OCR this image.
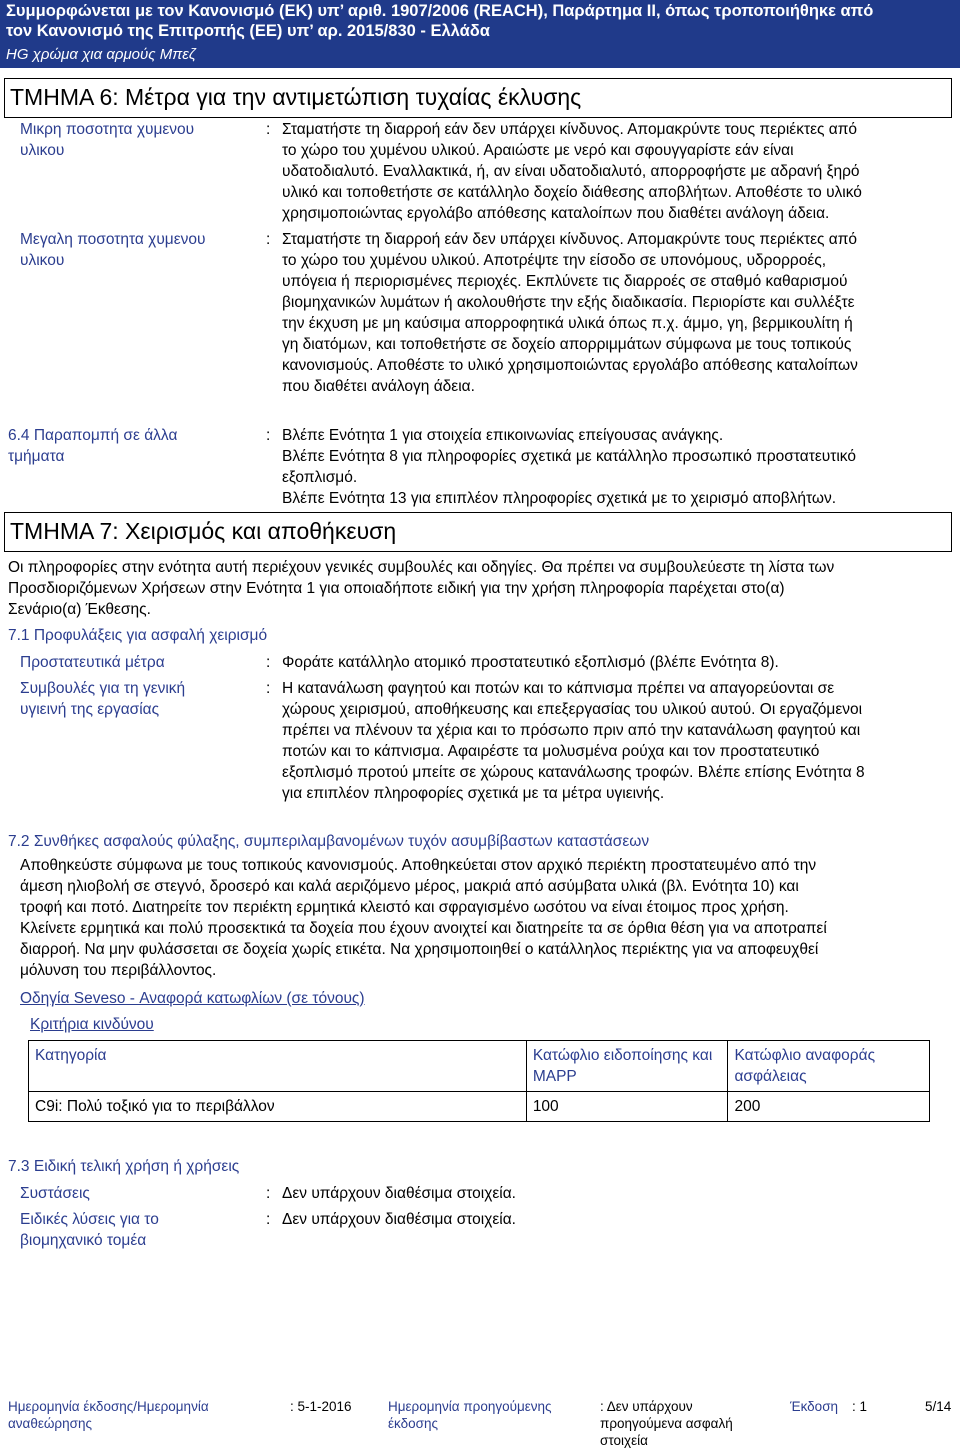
Συμμορφώνεται με τον Κανονισμό (ΕΚ) υπ’ αριθ. 1907/2006 (REACH), Παράρτημα II, όπως τροποποιήθηκε από
τον Κανονισμό της Επιτροπής (ΕΕ) υπ’ αρ. 2015/830 - Ελλάδα
HG χρώμα χια αρμούς Μπεζ
ΤΜΗΜΑ 6: Μέτρα για την αντιμετώπιση τυχαίας έκλυσης
Μικρη ποσοτητα χυμενου
υλικου
: Σταματήστε τη διαρροή εάν δεν υπάρχει κίνδυνος. Απομακρύντε τους περιέκτες από
το χώρο του χυμένου υλικού. Αραιώστε με νερό και σφουγγαρίστε εάν είναι
υδατοδιαλυτό. Εναλλακτικά, ή, αν είναι υδατοδιαλυτό, απορροφήστε με αδρανή ξηρό
υλικό και τοποθετήστε σε κατάλληλο δοχείο διάθεσης αποβλήτων. Αποθέστε το υλικό
χρησιμοποιώντας εργολάβο απόθεσης καταλοίπων που διαθέτει ανάλογη άδεια.
Μεγαλη ποσοτητα χυμενου
υλικου
: Σταματήστε τη διαρροή εάν δεν υπάρχει κίνδυνος. Απομακρύντε τους περιέκτες από
το χώρο του χυμένου υλικού. Αποτρέψτε την είσοδο σε υπονόμους, υδρορροές,
υπόγεια ή περιορισμένες περιοχές. Εκπλύνετε τις διαρροές σε σταθμό καθαρισμού
βιομηχανικών λυμάτων ή ακολουθήστε την εξής διαδικασία. Περιορίστε και συλλέξτε
την έκχυση με μη καύσιμα απορροφητικά υλικά όπως π.χ. άμμο, γη, βερμικουλίτη ή
γη διατόμων, και τοποθετήστε σε δοχείο απορριμμάτων σύμφωνα με τους τοπικούς
κανονισμούς. Αποθέστε το υλικό χρησιμοποιώντας εργολάβο απόθεσης καταλοίπων
που διαθέτει ανάλογη άδεια.
6.4 Παραπομπή σε άλλα
τμήματα
: Βλέπε Ενότητα 1 για στοιχεία επικοινωνίας επείγουσας ανάγκης.
Βλέπε Ενότητα 8 για πληροφορίες σχετικά με κατάλληλο προσωπικό προστατευτικό
εξοπλισμό.
Βλέπε Ενότητα 13 για επιπλέον πληροφορίες σχετικά με το χειρισμό αποβλήτων.
ΤΜΗΜΑ 7: Χειρισμός και αποθήκευση
Οι πληροφορίες στην ενότητα αυτή περιέχουν γενικές συμβουλές και οδηγίες. Θα πρέπει να συμβουλεύεστε τη λίστα των
Προσδιοριζόμενων Χρήσεων στην Ενότητα 1 για οποιαδήποτε ειδική για την χρήση πληροφορία παρέχεται στο(α)
Σενάριο(α) Έκθεσης.
7.1 Προφυλάξεις για ασφαλή χειρισμό
Προστατευτικά μέτρα	: Φοράτε κατάλληλο ατομικό προστατευτικό εξοπλισμό (βλέπε Ενότητα 8).
Συμβουλές για τη γενική
υγιεινή της εργασίας
: Η κατανάλωση φαγητού και ποτών και το κάπνισμα πρέπει να απαγορεύονται σε
χώρους χειρισμού, αποθήκευσης και επεξεργασίας του υλικού αυτού. Οι εργαζόμενοι
πρέπει να πλένουν τα χέρια και το πρόσωπο πριν από την κατανάλωση φαγητού και
ποτών και το κάπνισμα. Αφαιρέστε τα μολυσμένα ρούχα και τον προστατευτικό
εξοπλισμό προτού μπείτε σε χώρους κατανάλωσης τροφών. Βλέπε επίσης Ενότητα 8
για επιπλέον πληροφορίες σχετικά με τα μέτρα υγιεινής.
7.2 Συνθήκες ασφαλούς φύλαξης, συμπεριλαμβανομένων τυχόν ασυμβίβαστων καταστάσεων
Αποθηκεύστε σύμφωνα με τους τοπικούς κανονισμούς. Αποθηκεύεται στον αρχικό περιέκτη προστατευμένο από την
άμεση ηλιοβολή σε στεγνό, δροσερό και καλά αεριζόμενο μέρος, μακριά από ασύμβατα υλικά (βλ. Ενότητα 10) και
τροφή και ποτό. Διατηρείτε τον περιέκτη ερμητικά κλειστό και σφραγισμένο ωσότου να είναι έτοιμος προς χρήση.
Κλείνετε ερμητικά και πολύ προσεκτικά τα δοχεία που έχουν ανοιχτεί και διατηρείτε τα σε όρθια θέση για να αποτραπεί
διαρροή. Να μην φυλάσσεται σε δοχεία χωρίς ετικέτα. Να χρησιμοποιηθεί ο κατάλληλος περιέκτης για να αποφευχθεί
μόλυνση του περιβάλλοντος.
Οδηγία Seveso - Αναφορά κατωφλίων (σε τόνους)
Κριτήρια κινδύνου
Κατηγορία	Κατώφλιο ειδοποίησης και MAPP	Κατώφλιο αναφοράς ασφάλειας
C9i: Πολύ τοξικό για το περιβάλλον	100	200
7.3 Ειδική τελική χρήση ή χρήσεις
Συστάσεις	: Δεν υπάρχουν διαθέσιμα στοιχεία.
Ειδικές λύσεις για το
βιομηχανικό τομέα
: Δεν υπάρχουν διαθέσιμα στοιχεία.
Ημερομηνία έκδοσης/Ημερομηνία
αναθεώρησης
: 5-1-2016	Ημερομηνία προηγούμενης
έκδοσης
: Δεν υπάρχουν
προηγούμενα ασφαλή
στοιχεία
Έκδοση : 1	5/14
